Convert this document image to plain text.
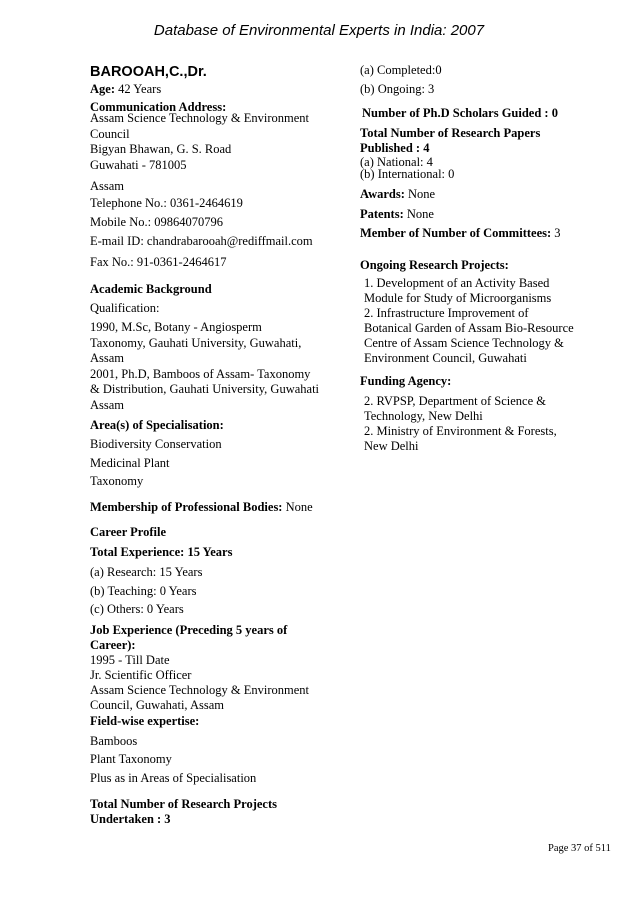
Database of Environmental Experts in India: 2007
BAROOAH,C.,Dr.
Age: 42 Years
Communication Address:
Assam Science Technology & Environment
Council
Bigyan Bhawan, G. S. Road
Guwahati - 781005
Assam
Telephone No.: 0361-2464619
Mobile No.: 09864070796
E-mail ID: chandrabarooah@rediffmail.com
Fax No.: 91-0361-2464617
Academic Background
Qualification:
1990, M.Sc, Botany - Angiosperm
Taxonomy, Gauhati University, Guwahati,
Assam
2001, Ph.D, Bamboos of Assam- Taxonomy
& Distribution, Gauhati University, Guwahati
Assam
Area(s) of Specialisation:
Biodiversity Conservation
Medicinal Plant
Taxonomy
Membership of Professional Bodies: None
Career Profile
Total Experience: 15 Years
(a) Research: 15 Years
(b) Teaching: 0 Years
(c) Others: 0 Years
Job Experience (Preceding 5 years of
Career):
1995 - Till Date
Jr. Scientific Officer
Assam Science Technology & Environment
Council, Guwahati, Assam
Field-wise expertise:
Bamboos
Plant Taxonomy
Plus as in Areas of Specialisation
Total Number of Research Projects
Undertaken : 3
(a) Completed:0
(b) Ongoing: 3
Number of Ph.D Scholars Guided : 0
Total Number of Research Papers
Published : 4
(a) National: 4
(b) International: 0
Awards: None
Patents: None
Member of Number of Committees: 3
Ongoing Research Projects:
1. Development of an Activity Based
Module for Study of Microorganisms
2. Infrastructure Improvement of
Botanical Garden of Assam Bio-Resource
Centre of Assam Science Technology &
Environment Council, Guwahati
Funding Agency:
2. RVPSP, Department of Science &
Technology, New Delhi
2. Ministry of Environment & Forests,
New Delhi
Page 37 of 511
